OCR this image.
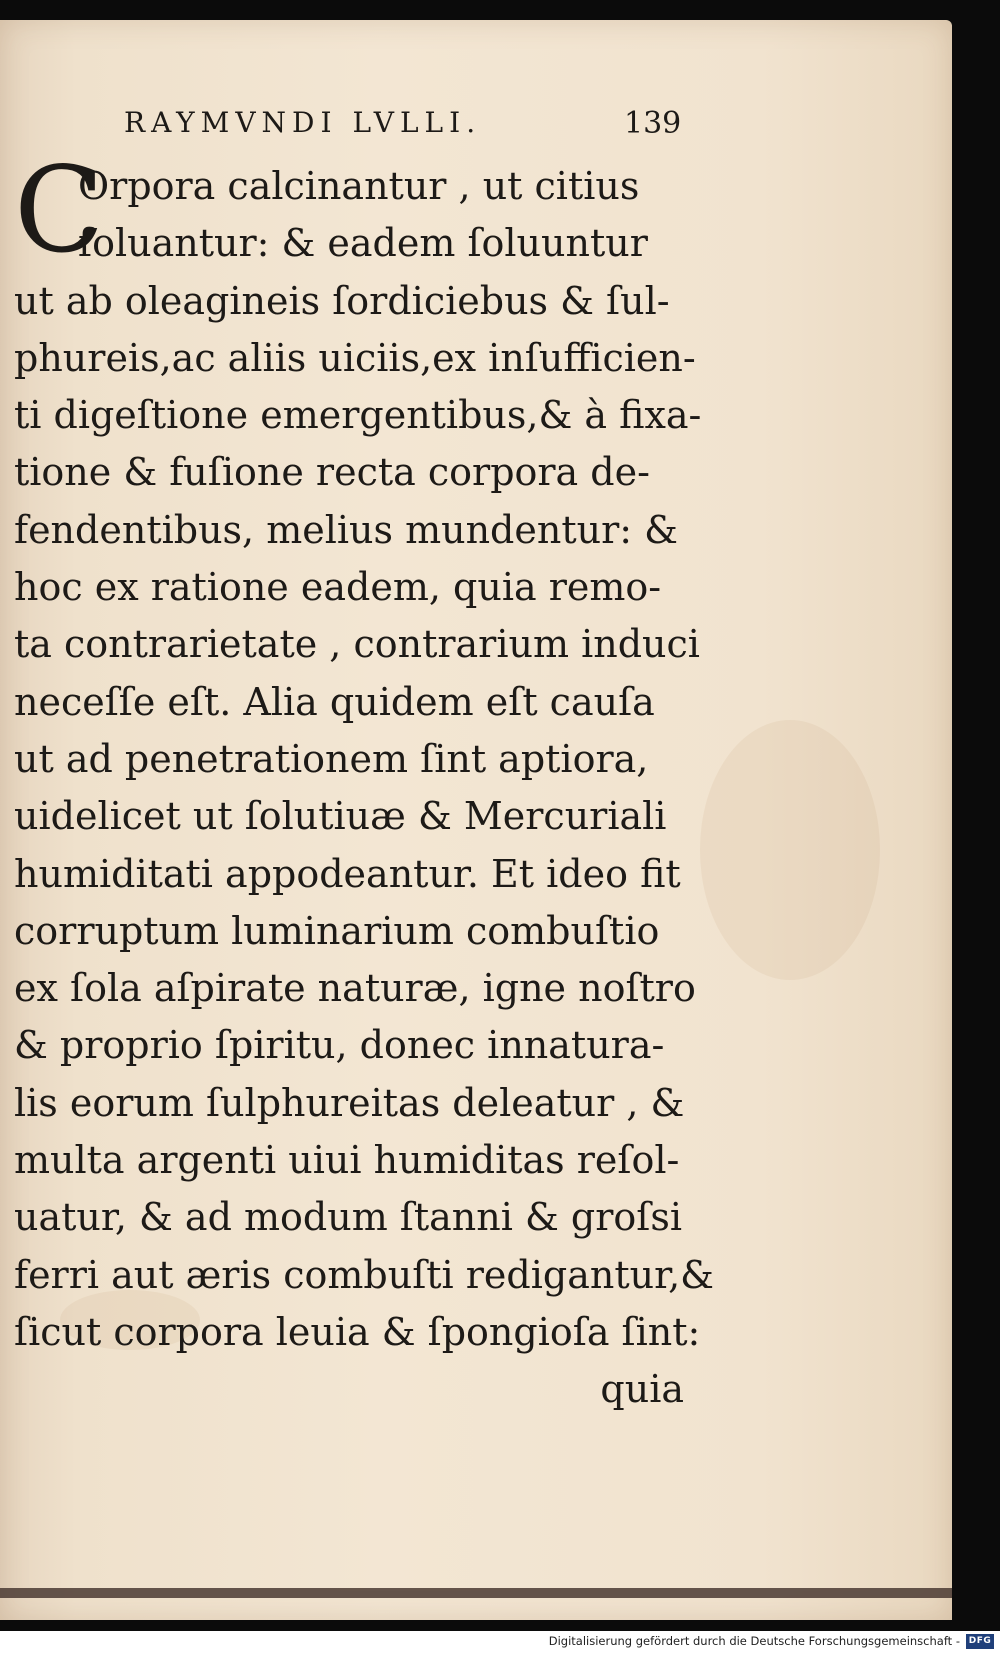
RAYMVNDI LVLLI.	139
C
Orpora calcinantur , ut citius
ſoluantur: & eadem ſoluuntur
ut ab oleagineis ſordiciebus & ſul-
phureis,ac aliis uiciis,ex inſufficien-
ti digeſtione emergentibus,& à fixa-
tione & fuſione recta corpora de-
fendentibus, melius mundentur: &
hoc ex ratione eadem, quia remo-
ta contrarietate , contrarium induci
neceſſe eſt. Alia quidem eſt cauſa
ut ad penetrationem ſint aptiora,
uidelicet ut ſolutiuæ & Mercuriali
humiditati appodeantur. Et ideo fit
corruptum luminarium combuſtio
ex ſola aſpirate naturæ, igne noſtro
& proprio ſpiritu, donec innatura-
lis eorum ſulphureitas deleatur , &
multa argenti uiui humiditas reſol-
uatur, & ad modum ſtanni & groſsi
ferri aut æris combuſti redigantur,&
ſicut corpora leuia & ſpongioſa ſint:
quia
Digitalisierung gefördert durch die Deutsche Forschungsgemeinschaft - DFG
